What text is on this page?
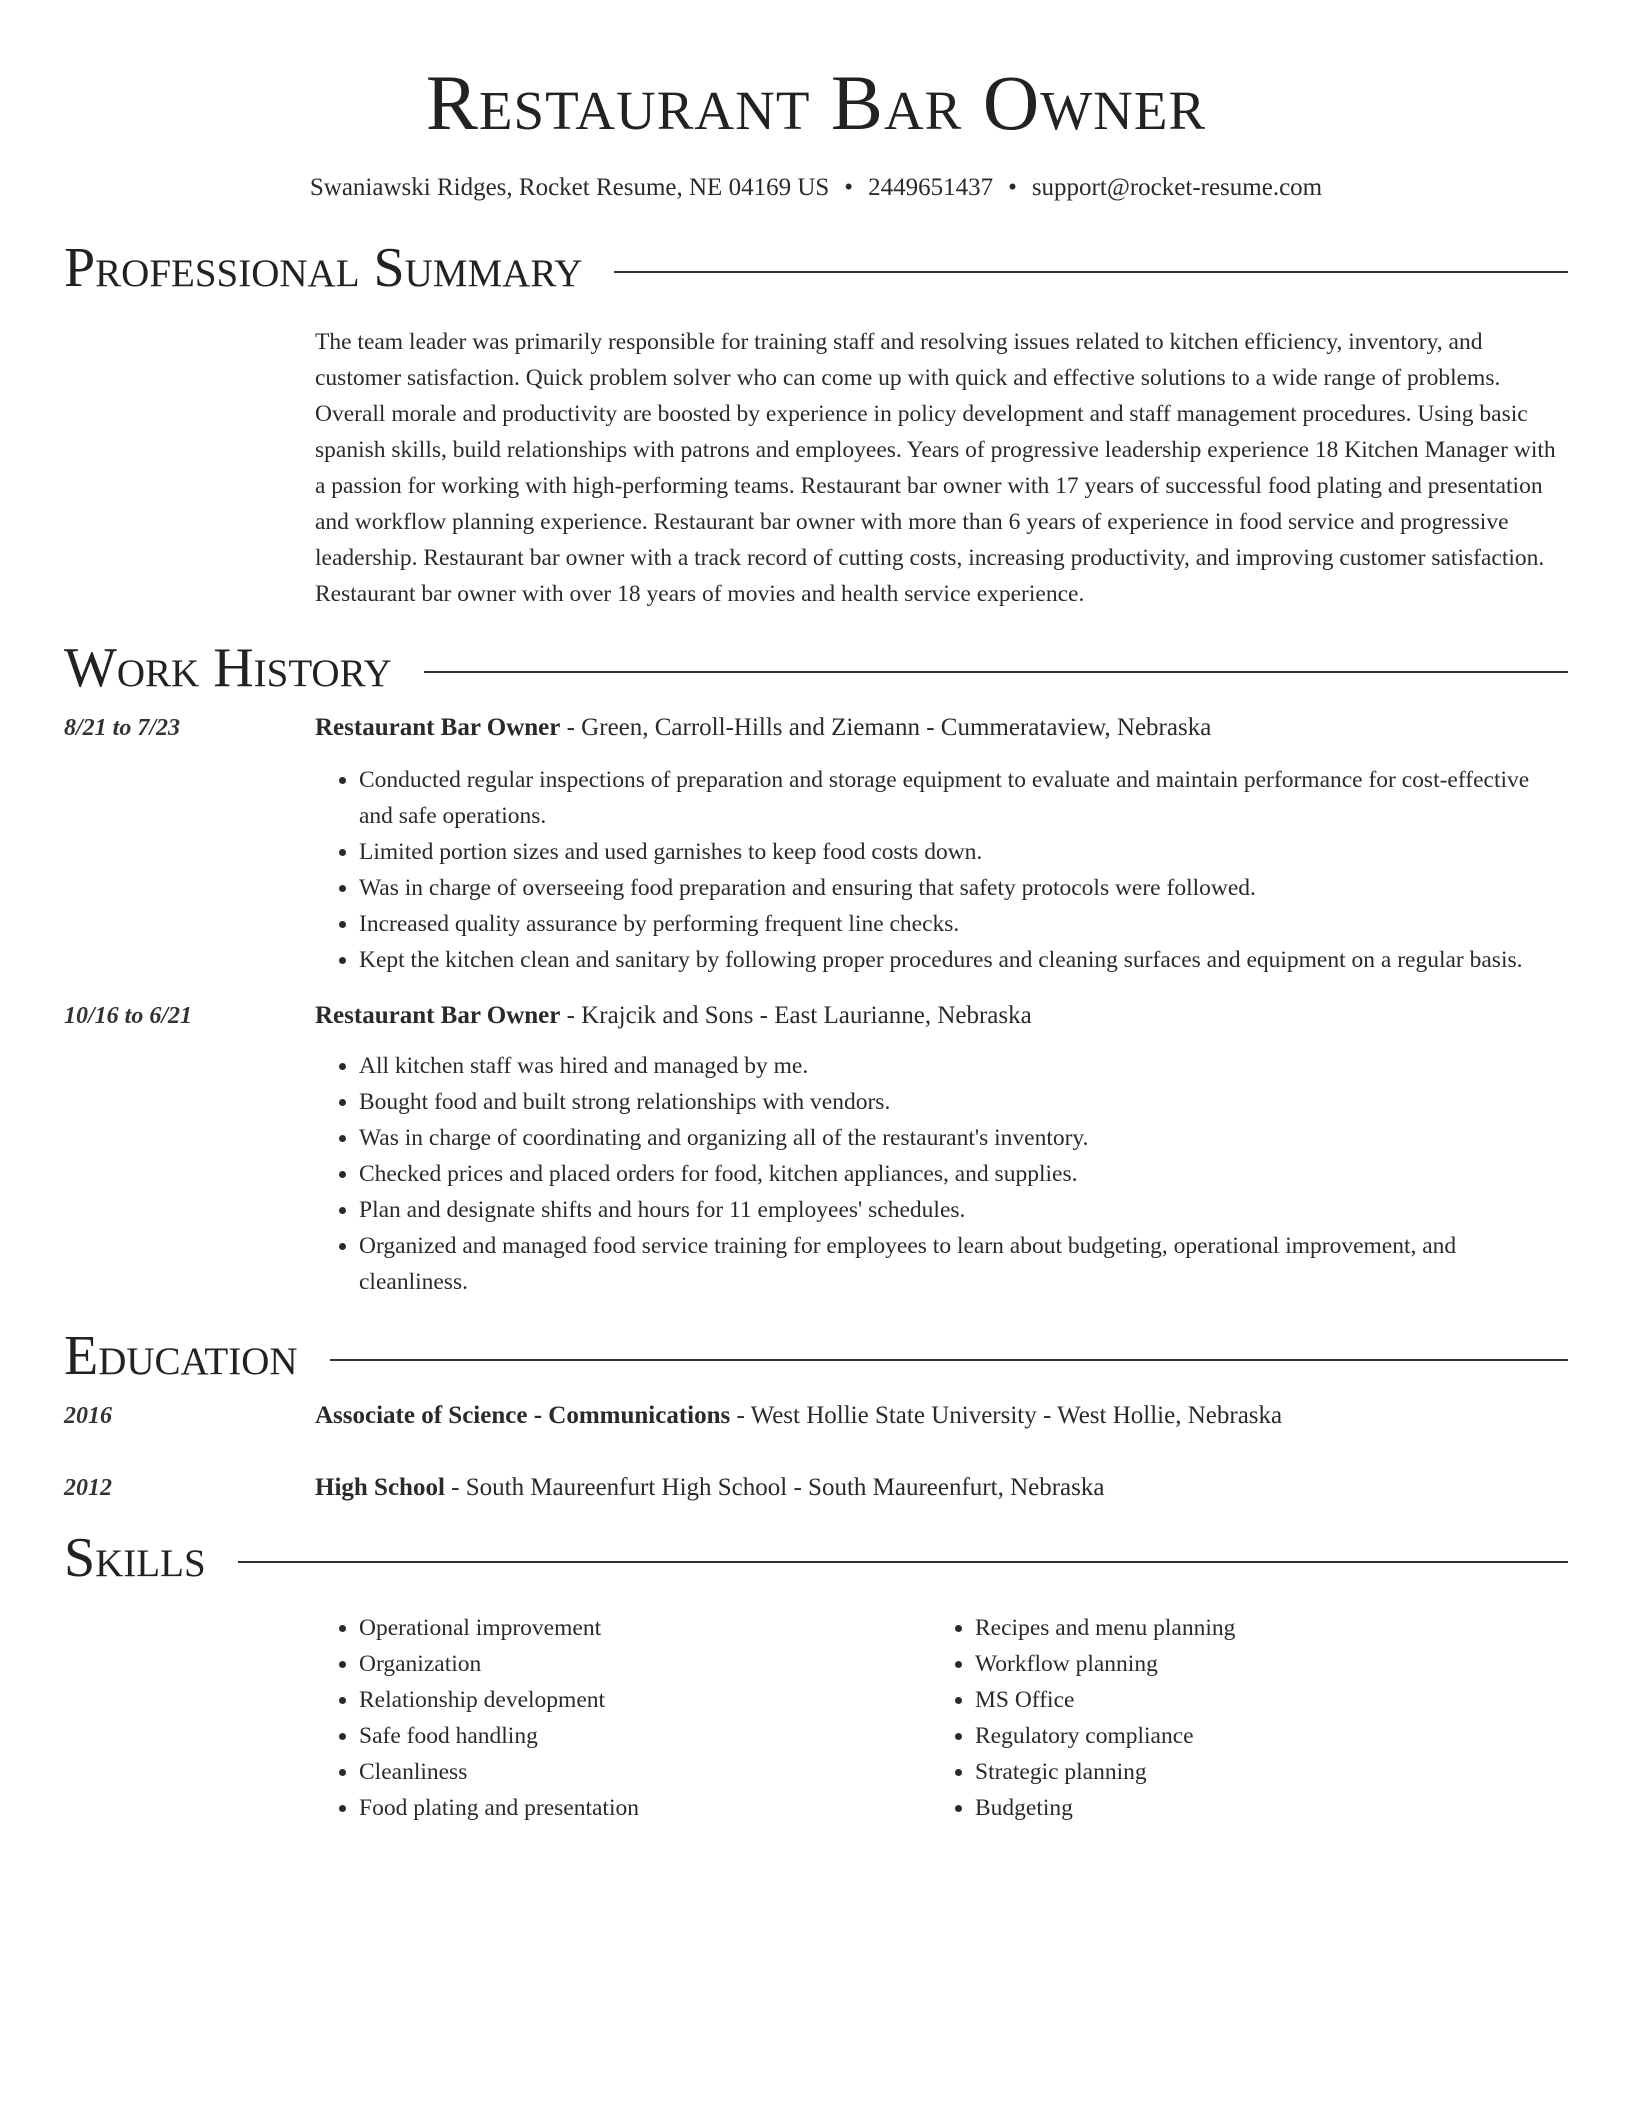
Restaurant Bar Owner
Swaniawski Ridges, Rocket Resume, NE 04169 US • 2449651437 • support@rocket-resume.com
Professional Summary
The team leader was primarily responsible for training staff and resolving issues related to kitchen efficiency, inventory, and customer satisfaction. Quick problem solver who can come up with quick and effective solutions to a wide range of problems. Overall morale and productivity are boosted by experience in policy development and staff management procedures. Using basic spanish skills, build relationships with patrons and employees. Years of progressive leadership experience 18 Kitchen Manager with a passion for working with high-performing teams. Restaurant bar owner with 17 years of successful food plating and presentation and workflow planning experience. Restaurant bar owner with more than 6 years of experience in food service and progressive leadership. Restaurant bar owner with a track record of cutting costs, increasing productivity, and improving customer satisfaction. Restaurant bar owner with over 18 years of movies and health service experience.
Work History
8/21 to 7/23	Restaurant Bar Owner - Green, Carroll-Hills and Ziemann - Cummerataview, Nebraska
• Conducted regular inspections of preparation and storage equipment to evaluate and maintain performance for cost-effective and safe operations.
• Limited portion sizes and used garnishes to keep food costs down.
• Was in charge of overseeing food preparation and ensuring that safety protocols were followed.
• Increased quality assurance by performing frequent line checks.
• Kept the kitchen clean and sanitary by following proper procedures and cleaning surfaces and equipment on a regular basis.
10/16 to 6/21	Restaurant Bar Owner - Krajcik and Sons - East Laurianne, Nebraska
• All kitchen staff was hired and managed by me.
• Bought food and built strong relationships with vendors.
• Was in charge of coordinating and organizing all of the restaurant's inventory.
• Checked prices and placed orders for food, kitchen appliances, and supplies.
• Plan and designate shifts and hours for 11 employees' schedules.
• Organized and managed food service training for employees to learn about budgeting, operational improvement, and cleanliness.
Education
2016	Associate of Science - Communications - West Hollie State University - West Hollie, Nebraska
2012	High School - South Maureenfurt High School - South Maureenfurt, Nebraska
Skills
• Operational improvement
• Organization
• Relationship development
• Safe food handling
• Cleanliness
• Food plating and presentation
• Recipes and menu planning
• Workflow planning
• MS Office
• Regulatory compliance
• Strategic planning
• Budgeting
